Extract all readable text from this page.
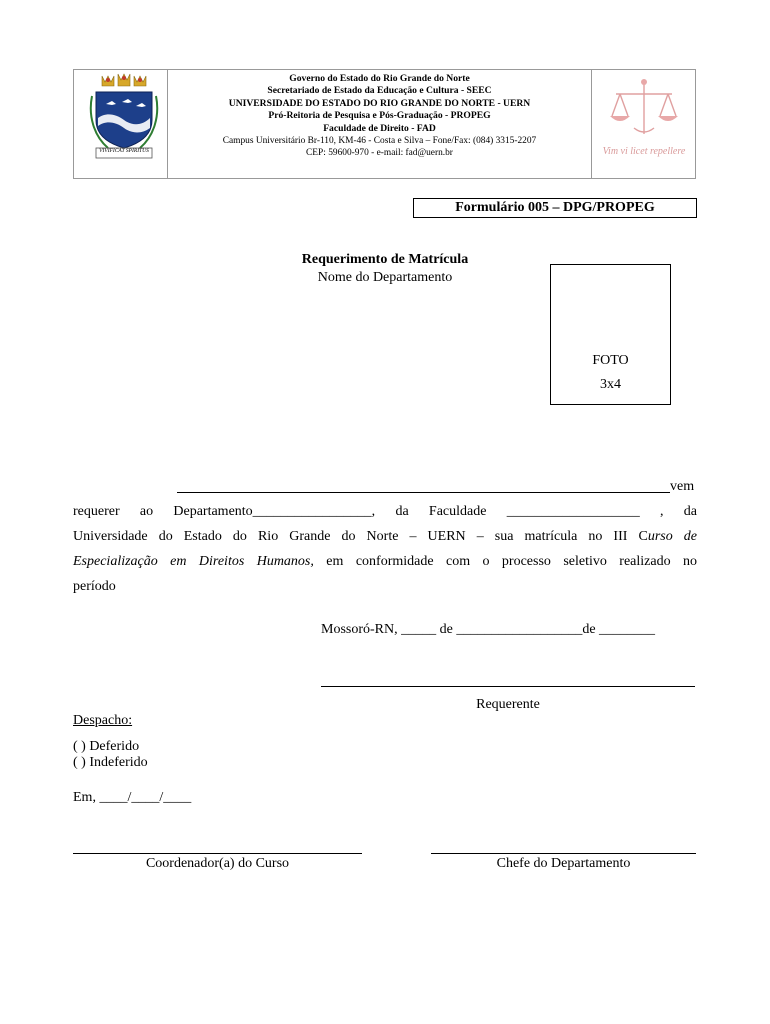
VIVIFICAT SPIRITUS
Governo do Estado do Rio Grande do Norte
Secretariado de Estado da Educação e Cultura - SEEC
UNIVERSIDADE DO ESTADO DO RIO GRANDE DO NORTE - UERN
Pró-Reitoria de Pesquisa e Pós-Graduação - PROPEG
Faculdade de Direito - FAD
Campus Universitário Br-110, KM-46 - Costa e Silva – Fone/Fax: (084) 3315-2207
CEP: 59600-970 - e-mail: fad@uern.br	Vim vi licet repellere
Formulário 005 – DPG/PROPEG
Requerimento de Matrícula
Nome do Departamento
FOTO
3x4
vem
requerer ao Departamento_________________, da Faculdade ___________________ , da
Universidade do Estado do Rio Grande do Norte – UERN – sua matrícula no III Curso de
Especialização em Direitos Humanos, em conformidade com o processo seletivo realizado no
período
Mossoró-RN, _____ de __________________de ________
Requerente
Despacho:
( ) Deferido
( ) Indeferido
Em, ____/____/____
Coordenador(a) do Curso	Chefe do Departamento
